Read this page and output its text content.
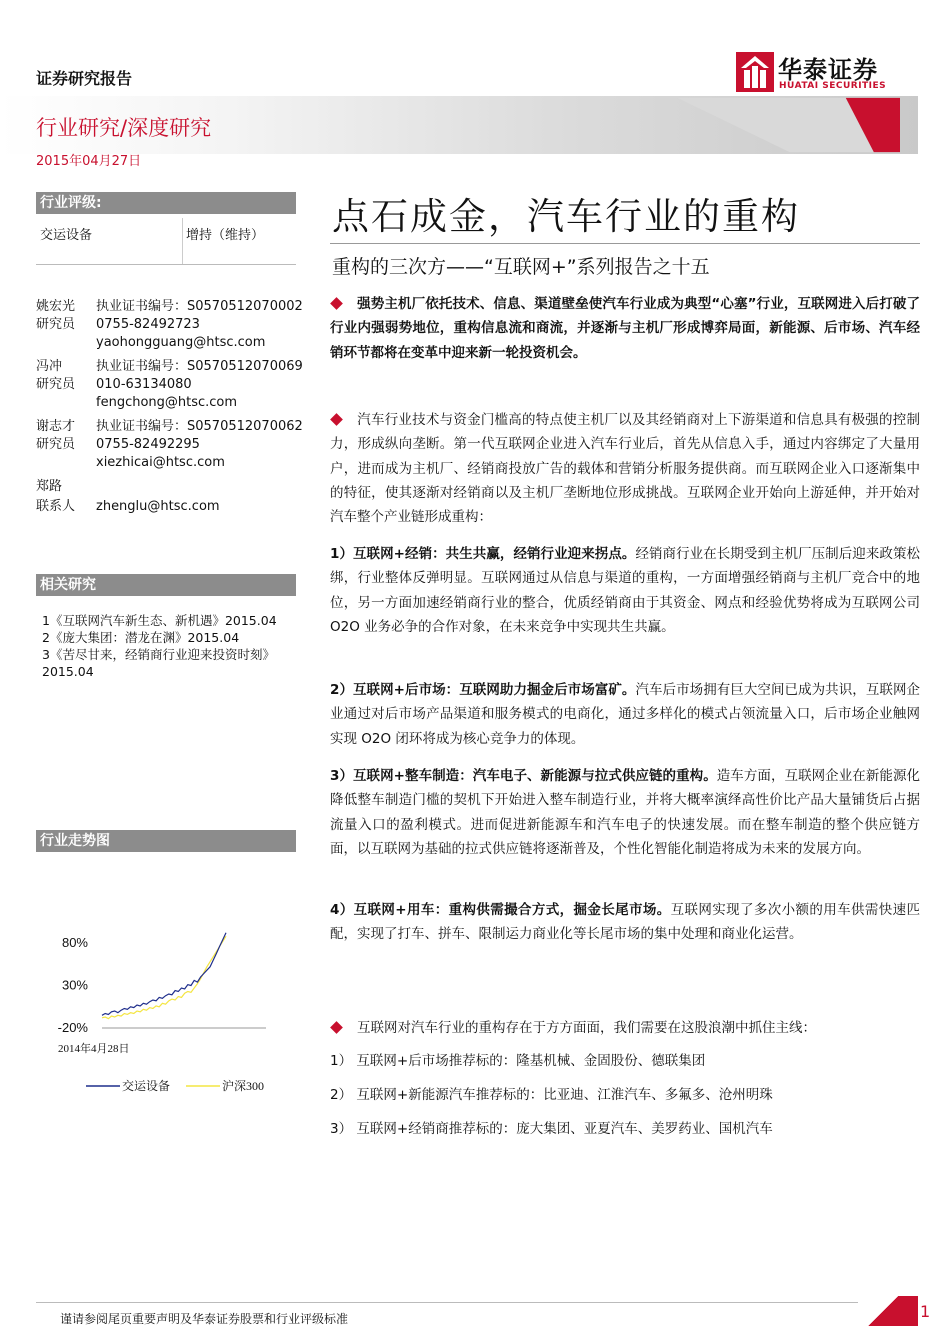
证券研究报告	华泰证券
HUATAI SECURITIES
行业研究/深度研究
2015年04月27日
行业评级:
交运设备	增持（维持）
姚宏光	执业证书编号：S0570512070002
研究员	0755-82492723
yaohongguang@htsc.com
冯冲	执业证书编号：S0570512070069
研究员	010-63134080
fengchong@htsc.com
谢志才	执业证书编号：S0570512070062
研究员	0755-82492295
xiezhicai@htsc.com
郑路
联系人	zhenglu@htsc.com
相关研究
1《互联网汽车新生态、新机遇》2015.04
2《庞大集团：潜龙在渊》2015.04
3《苦尽甘来，经销商行业迎来投资时刻》
2015.04
行业走势图
80%
30%
-20%
2014年4月28日
交运设备	沪深300
点石成金，汽车行业的重构
重构的三次方——“互联网+”系列报告之十五

强势主机厂依托技术、信息、渠道壁垒使汽车行业成为典型“心塞”行业，互联网进入后打破了行业内强弱势地位，重构信息流和商流，并逐渐与主机厂形成博弈局面，新能源、后市场、汽车经销环节都将在变革中迎来新一轮投资机会。

汽车行业技术与资金门槛高的特点使主机厂以及其经销商对上下游渠道和信息具有极强的控制力，形成纵向垄断。第一代互联网企业进入汽车行业后，首先从信息入手，通过内容绑定了大量用户，进而成为主机厂、经销商投放广告的载体和营销分析服务提供商。而互联网企业入口逐渐集中的特征，使其逐渐对经销商以及主机厂垄断地位形成挑战。互联网企业开始向上游延伸，并开始对汽车整个产业链形成重构：

1）互联网+经销：共生共赢，经销行业迎来拐点。经销商行业在长期受到主机厂压制后迎来政策松绑，行业整体反弹明显。互联网通过从信息与渠道的重构，一方面增强经销商与主机厂竞合中的地位，另一方面加速经销商行业的整合，优质经销商由于其资金、网点和经验优势将成为互联网公司 O2O 业务必争的合作对象，在未来竞争中实现共生共赢。

2）互联网+后市场：互联网助力掘金后市场富矿。汽车后市场拥有巨大空间已成为共识，互联网企业通过对后市场产品渠道和服务模式的电商化，通过多样化的模式占领流量入口，后市场企业触网实现 O2O 闭环将成为核心竞争力的体现。

3）互联网+整车制造：汽车电子、新能源与拉式供应链的重构。造车方面，互联网企业在新能源化降低整车制造门槛的契机下开始进入整车制造行业，并将大概率演绎高性价比产品大量铺货后占据流量入口的盈利模式。进而促进新能源车和汽车电子的快速发展。而在整车制造的整个供应链方面，以互联网为基础的拉式供应链将逐渐普及，个性化智能化制造将成为未来的发展方向。

4）互联网+用车：重构供需撮合方式，掘金长尾市场。互联网实现了多次小额的用车供需快速匹配，实现了打车、拼车、限制运力商业化等长尾市场的集中处理和商业化运营。

互联网对汽车行业的重构存在于方方面面，我们需要在这股浪潮中抓住主线：

1） 互联网+后市场推荐标的：隆基机械、金固股份、德联集团
2） 互联网+新能源汽车推荐标的：比亚迪、江淮汽车、多氟多、沧州明珠
3） 互联网+经销商推荐标的：庞大集团、亚夏汽车、美罗药业、国机汽车
谨请参阅尾页重要声明及华泰证券股票和行业评级标准	1
